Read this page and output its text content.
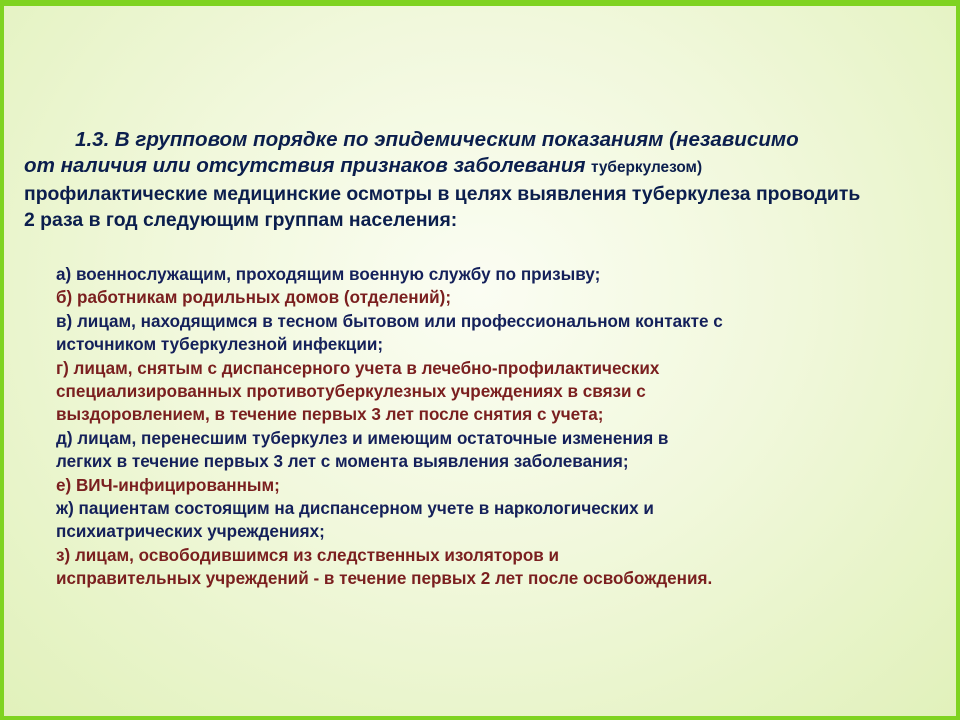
1.3. В групповом порядке по эпидемическим показаниям (независимо
от наличия или отсутствия признаков заболевания туберкулезом)
профилактические медицинские осмотры в целях выявления туберкулеза проводить
2 раза в год следующим группам населения:
а) военнослужащим, проходящим военную службу по призыву;
б) работникам родильных домов (отделений);
в) лицам, находящимся в тесном бытовом или профессиональном контакте с
источником туберкулезной инфекции;
г) лицам, снятым с диспансерного учета в лечебно-профилактических
специализированных противотуберкулезных учреждениях в связи с
выздоровлением, в течение первых 3 лет после снятия с учета;
д) лицам, перенесшим туберкулез и имеющим остаточные изменения в
легких в течение первых 3 лет с момента выявления заболевания;
е) ВИЧ-инфицированным;
ж) пациентам состоящим на диспансерном учете в наркологических и
психиатрических учреждениях;
з) лицам, освободившимся из следственных изоляторов и
исправительных учреждений - в течение первых 2 лет после освобождения.
